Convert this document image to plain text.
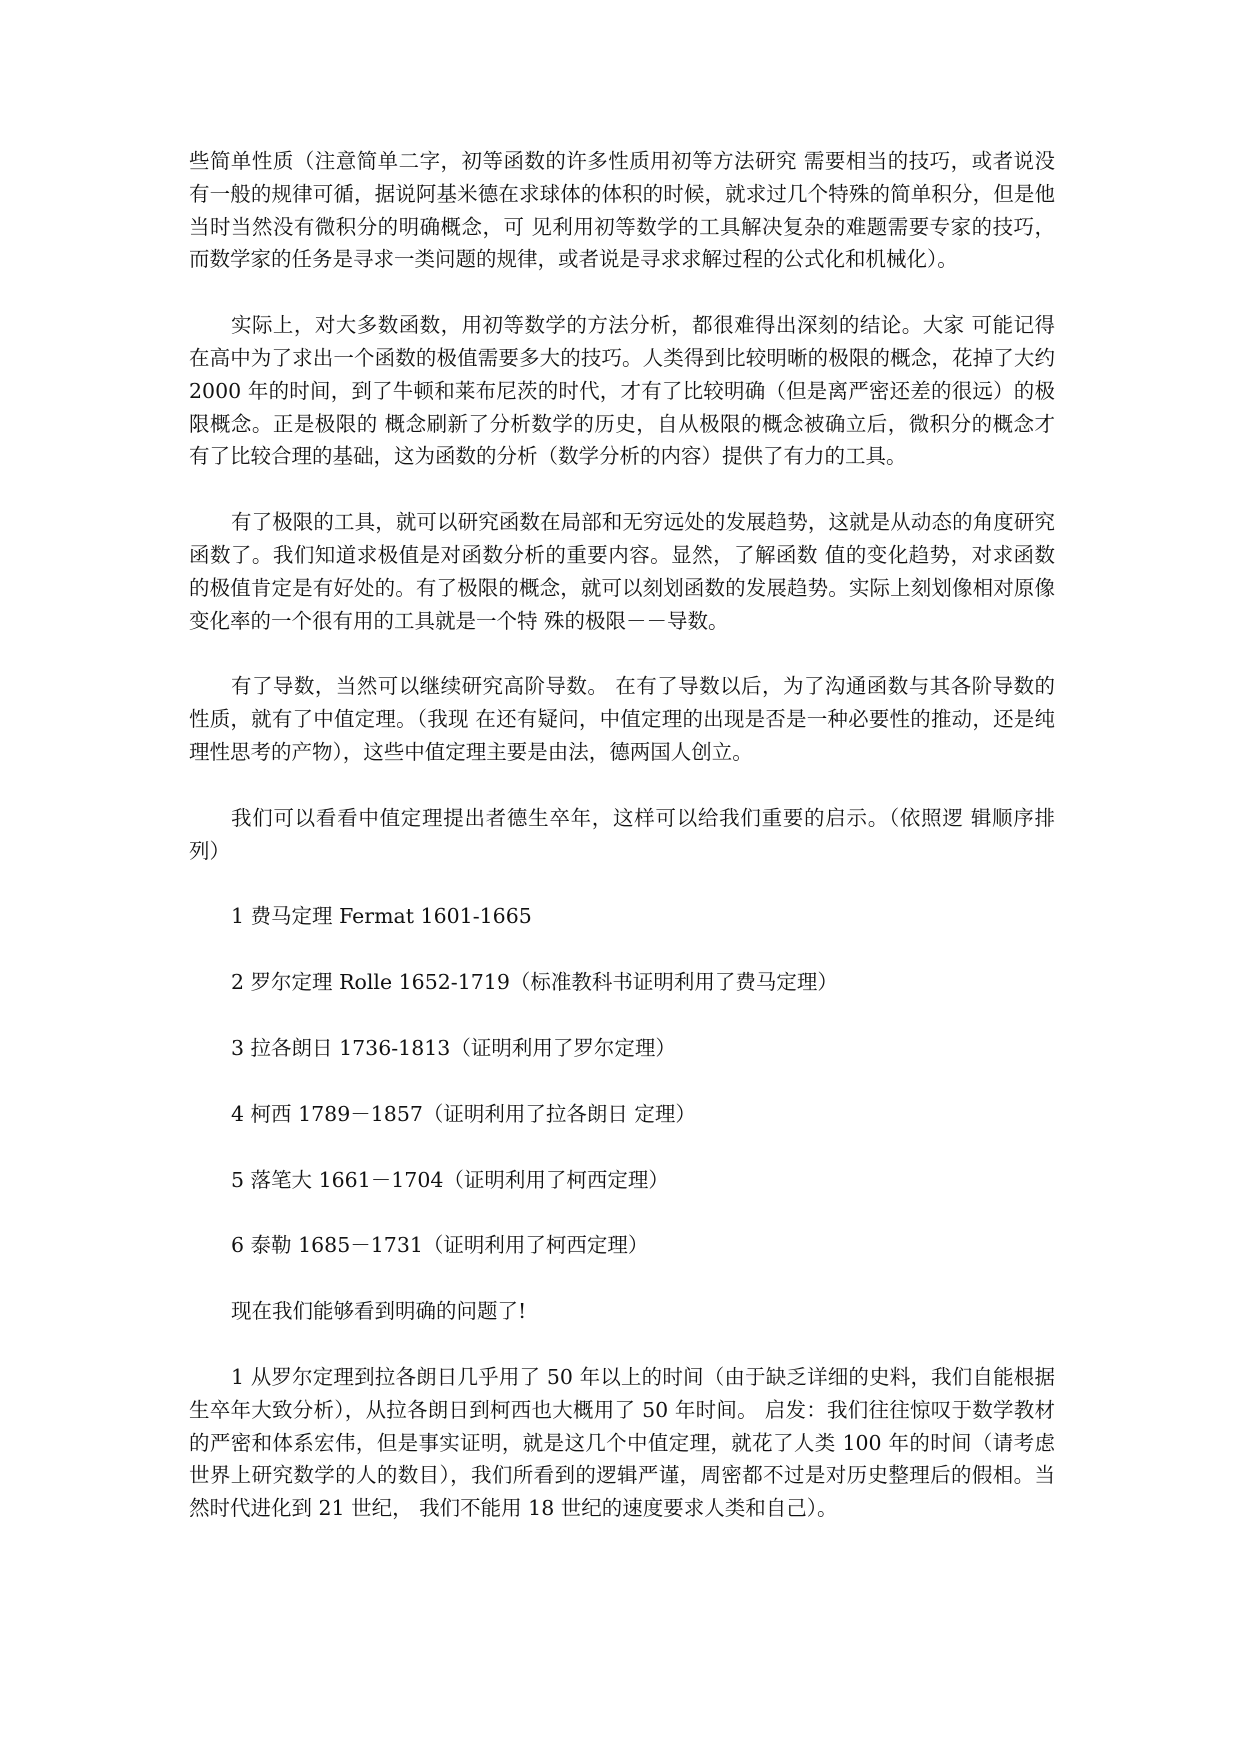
些简单性质（注意简单二字，初等函数的许多性质用初等方法研究 需要相当的技巧，或者说没有一般的规律可循，据说阿基米德在求球体的体积的时候，就求过几个特殊的简单积分，但是他当时当然没有微积分的明确概念，可 见利用初等数学的工具解决复杂的难题需要专家的技巧，而数学家的任务是寻求一类问题的规律，或者说是寻求求解过程的公式化和机械化）。

实际上，对大多数函数，用初等数学的方法分析，都很难得出深刻的结论。大家 可能记得在高中为了求出一个函数的极值需要多大的技巧。人类得到比较明晰的极限的概念，花掉了大约 2000 年的时间，到了牛顿和莱布尼茨的时代，才有了比较明确（但是离严密还差的很远）的极限概念。正是极限的 概念刷新了分析数学的历史，自从极限的概念被确立后，微积分的概念才有了比较合理的基础，这为函数的分析（数学分析的内容）提供了有力的工具。

有了极限的工具，就可以研究函数在局部和无穷远处的发展趋势，这就是从动态的角度研究函数了。我们知道求极值是对函数分析的重要内容。显然，了解函数 值的变化趋势，对求函数的极值肯定是有好处的。有了极限的概念，就可以刻划函数的发展趋势。实际上刻划像相对原像变化率的一个很有用的工具就是一个特 殊的极限－－导数。

有了导数，当然可以继续研究高阶导数。 在有了导数以后，为了沟通函数与其各阶导数的性质，就有了中值定理。（我现 在还有疑问，中值定理的出现是否是一种必要性的推动，还是纯理性思考的产物），这些中值定理主要是由法，德两国人创立。

我们可以看看中值定理提出者德生卒年，这样可以给我们重要的启示。（依照逻 辑顺序排列）

1 费马定理 Fermat 1601-1665

2 罗尔定理 Rolle 1652-1719（标准教科书证明利用了费马定理）

3 拉各朗日 1736-1813（证明利用了罗尔定理）

4 柯西 1789－1857（证明利用了拉各朗日 定理）

5 落笔大 1661－1704（证明利用了柯西定理）

6 泰勒 1685－1731（证明利用了柯西定理）

现在我们能够看到明确的问题了!

1 从罗尔定理到拉各朗日几乎用了 50 年以上的时间（由于缺乏详细的史料，我们自能根据生卒年大致分析），从拉各朗日到柯西也大概用了 50 年时间。 启发：我们往往惊叹于数学教材的严密和体系宏伟，但是事实证明，就是这几个中值定理，就花了人类 100 年的时间（请考虑世界上研究数学的人的数目），我们所看到的逻辑严谨，周密都不过是对历史整理后的假相。当然时代进化到 21 世纪， 我们不能用 18 世纪的速度要求人类和自己）。
